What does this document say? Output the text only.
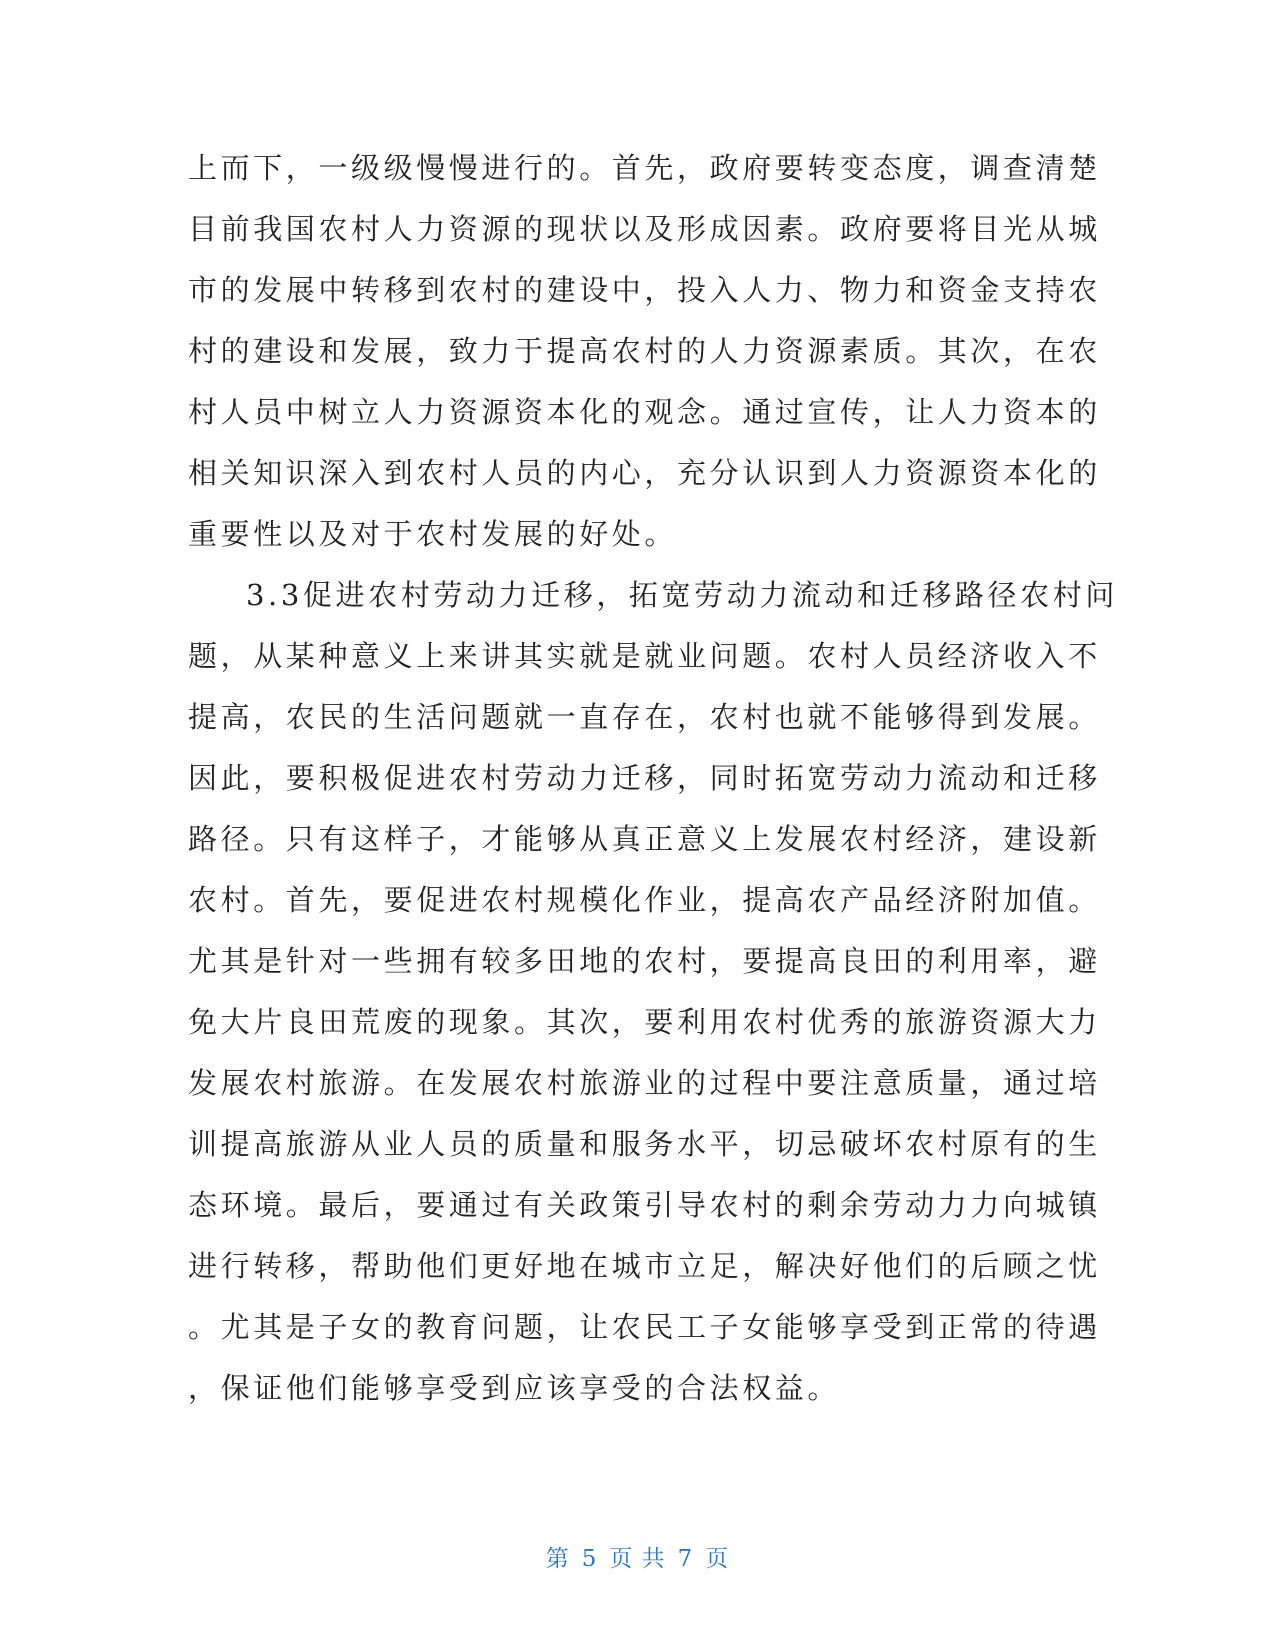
上而下，一级级慢慢进行的。首先，政府要转变态度，调查清楚
目前我国农村人力资源的现状以及形成因素。政府要将目光从城
市的发展中转移到农村的建设中，投入人力、物力和资金支持农
村的建设和发展，致力于提高农村的人力资源素质。其次，在农
村人员中树立人力资源资本化的观念。通过宣传，让人力资本的
相关知识深入到农村人员的内心，充分认识到人力资源资本化的
重要性以及对于农村发展的好处。
3.3促进农村劳动力迁移，拓宽劳动力流动和迁移路径农村问
题，从某种意义上来讲其实就是就业问题。农村人员经济收入不
提高，农民的生活问题就一直存在，农村也就不能够得到发展。
因此，要积极促进农村劳动力迁移，同时拓宽劳动力流动和迁移
路径。只有这样子，才能够从真正意义上发展农村经济，建设新
农村。首先，要促进农村规模化作业，提高农产品经济附加值。
尤其是针对一些拥有较多田地的农村，要提高良田的利用率，避
免大片良田荒废的现象。其次，要利用农村优秀的旅游资源大力
发展农村旅游。在发展农村旅游业的过程中要注意质量，通过培
训提高旅游从业人员的质量和服务水平，切忌破坏农村原有的生
态环境。最后，要通过有关政策引导农村的剩余劳动力力向城镇
进行转移，帮助他们更好地在城市立足，解决好他们的后顾之忧
。尤其是子女的教育问题，让农民工子女能够享受到正常的待遇
，保证他们能够享受到应该享受的合法权益。
第 5 页 共 7 页
